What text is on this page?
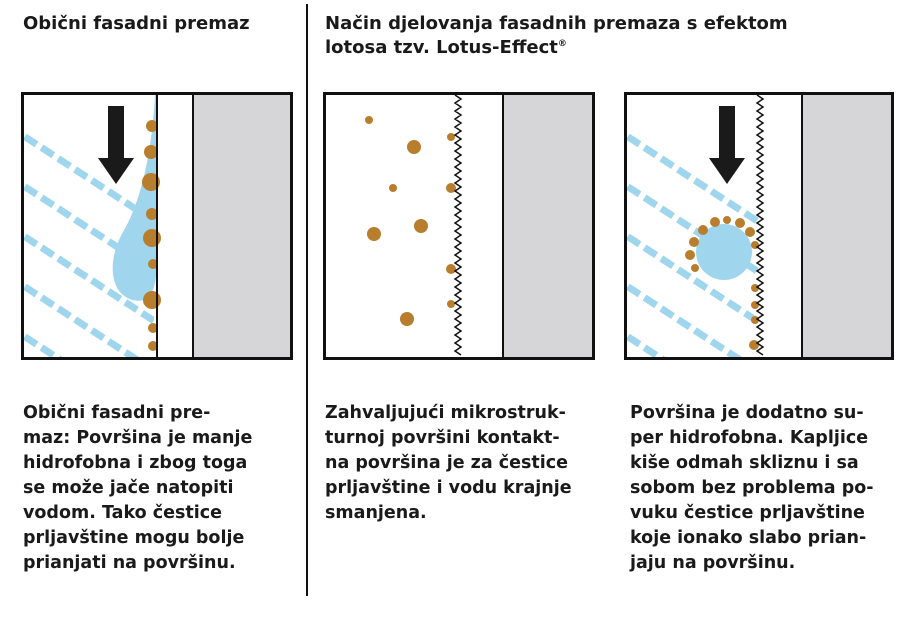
Obični fasadni premaz	Način djelovanja fasadnih premaza s efektom
lotosa tzv. Lotus-Effect®

Obični fasadni pre-
maz: Površina je manje
hidrofobna i zbog toga
se može jače natopiti
vodom. Tako čestice
prljavštine mogu bolje
prianjati na površinu.

Zahvaljujući mikrostruk-
turnoj površini kontakt-
na površina je za čestice
prljavštine i vodu krajnje
smanjena.

Površina je dodatno su-
per hidrofobna. Kapljice
kiše odmah skliznu i sa
sobom bez problema po-
vuku čestice prljavštine
koje ionako slabo prian-
jaju na površinu.
